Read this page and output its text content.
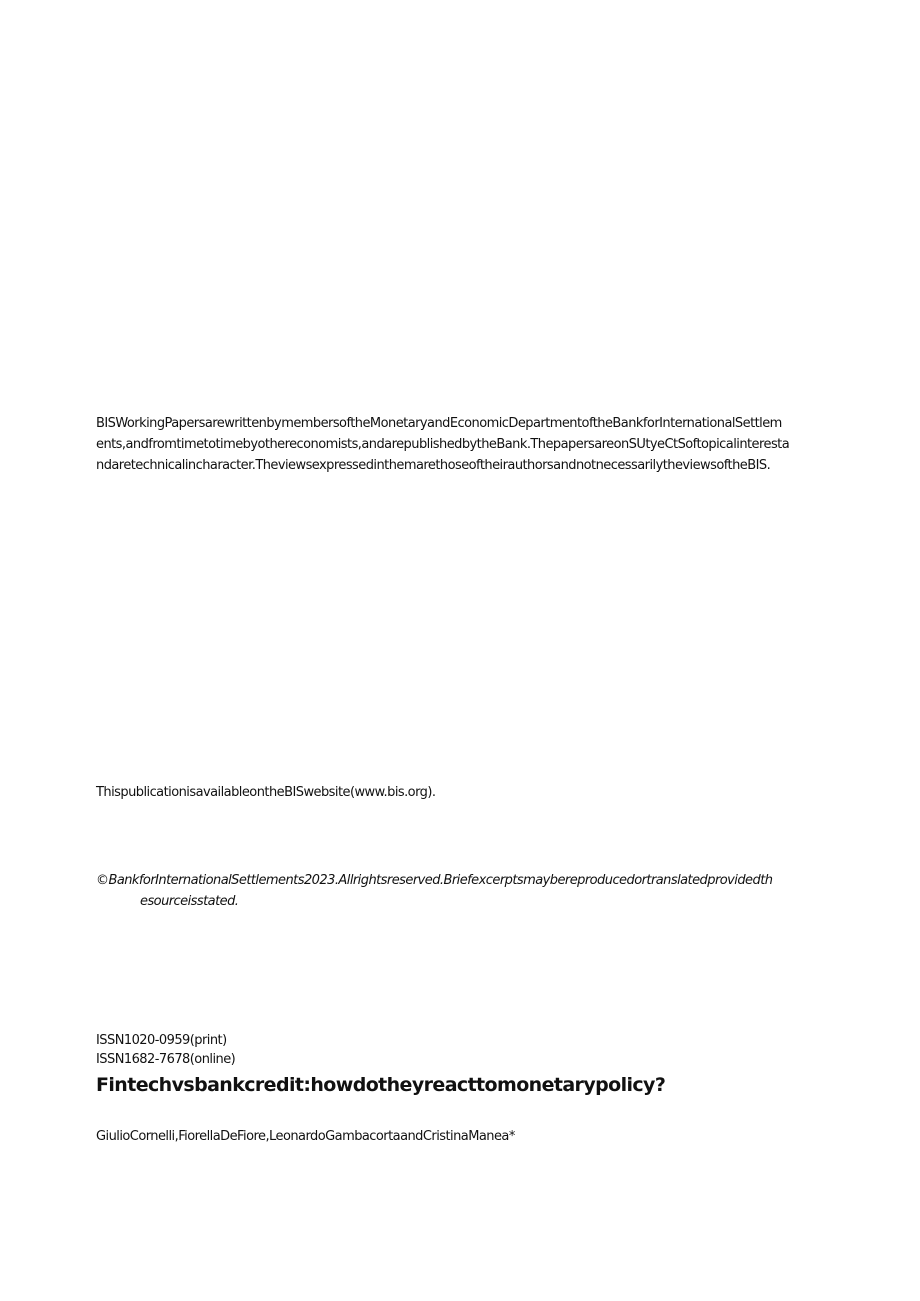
BISWorkingPapersarewrittenbymembersoftheMonetaryandEconomicDepartmentoftheBankforInternationalSettlem
ents,andfromtimetotimebyothereconomists,andarepublishedbytheBank.ThepapersareonSUtyeCtSoftopicalinteresta
ndaretechnicalincharacter.TheviewsexpressedinthemarethoseoftheirauthorsandnotnecessarilytheviewsoftheBIS.
ThispublicationisavailableontheBISwebsite(www.bis.org).
©BankforInternationalSettlements2023.Allrightsreserved.Briefexcerptsmaybereproducedortranslatedprovidedth
esourceisstated.
ISSN1020-0959(print)
ISSN1682-7678(online)
Fintechvsbankcredit:howdotheyreacttomonetarypolicy?
GiulioCornelli,FiorellaDeFiore,LeonardoGambacortaandCristinaManea*
